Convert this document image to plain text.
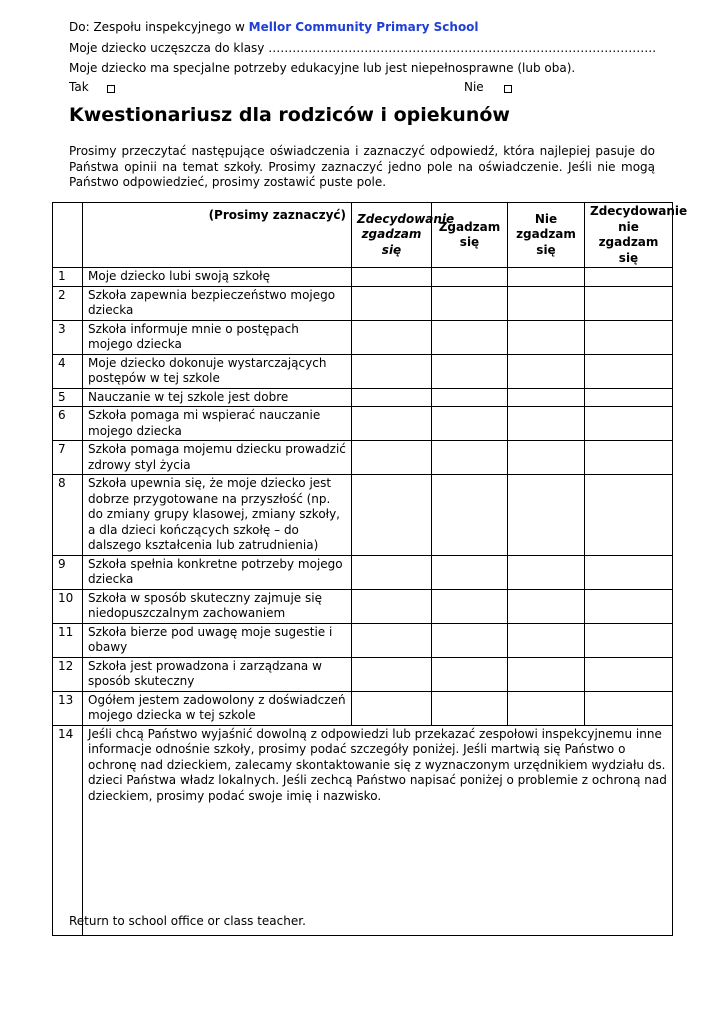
Do: Zespołu inspekcyjnego w Mellor Community Primary School
Moje dziecko uczęszcza do klasy …………………………………………………………………………………….
Moje dziecko ma specjalne potrzeby edukacyjne lub jest niepełnosprawne (lub oba).
Tak	Nie
Kwestionariusz dla rodziców i opiekunów

Prosimy przeczytać następujące oświadczenia i zaznaczyć odpowiedź, która najlepiej pasuje do Państwa opinii na temat szkoły. Prosimy zaznaczyć jedno pole na oświadczenie. Jeśli nie mogą Państwo odpowiedzieć, prosimy zostawić puste pole.

	(Prosimy zaznaczyć)	Zdecydowanie zgadzam się	Zgadzam się	Nie zgadzam się	Zdecydowanie nie zgadzam się
1	Moje dziecko lubi swoją szkołę				
2	Szkoła zapewnia bezpieczeństwo mojego dziecka				
3	Szkoła informuje mnie o postępach mojego dziecka				
4	Moje dziecko dokonuje wystarczających postępów w tej szkole				
5	Nauczanie w tej szkole jest dobre				
6	Szkoła pomaga mi wspierać nauczanie mojego dziecka				
7	Szkoła pomaga mojemu dziecku prowadzić zdrowy styl życia				
8	Szkoła upewnia się, że moje dziecko jest dobrze przygotowane na przyszłość (np. do zmiany grupy klasowej, zmiany szkoły, a dla dzieci kończących szkołę – do dalszego kształcenia lub zatrudnienia)				
9	Szkoła spełnia konkretne potrzeby mojego dziecka				
10	Szkoła w sposób skuteczny zajmuje się niedopuszczalnym zachowaniem				
11	Szkoła bierze pod uwagę moje sugestie i obawy				
12	Szkoła jest prowadzona i zarządzana w sposób skuteczny				
13	Ogółem jestem zadowolony z doświadczeń mojego dziecka w tej szkole				
14	Jeśli chcą Państwo wyjaśnić dowolną z odpowiedzi lub przekazać zespołowi inspekcyjnemu inne informacje odnośnie szkoły, prosimy podać szczegóły poniżej. Jeśli martwią się Państwo o ochronę nad dzieckiem, zalecamy skontaktowanie się z wyznaczonym urzędnikiem wydziału ds. dzieci Państwa władz lokalnych. Jeśli zechcą Państwo napisać poniżej o problemie z ochroną nad dzieckiem, prosimy podać swoje imię i nazwisko.				
Return to school office or class teacher.
